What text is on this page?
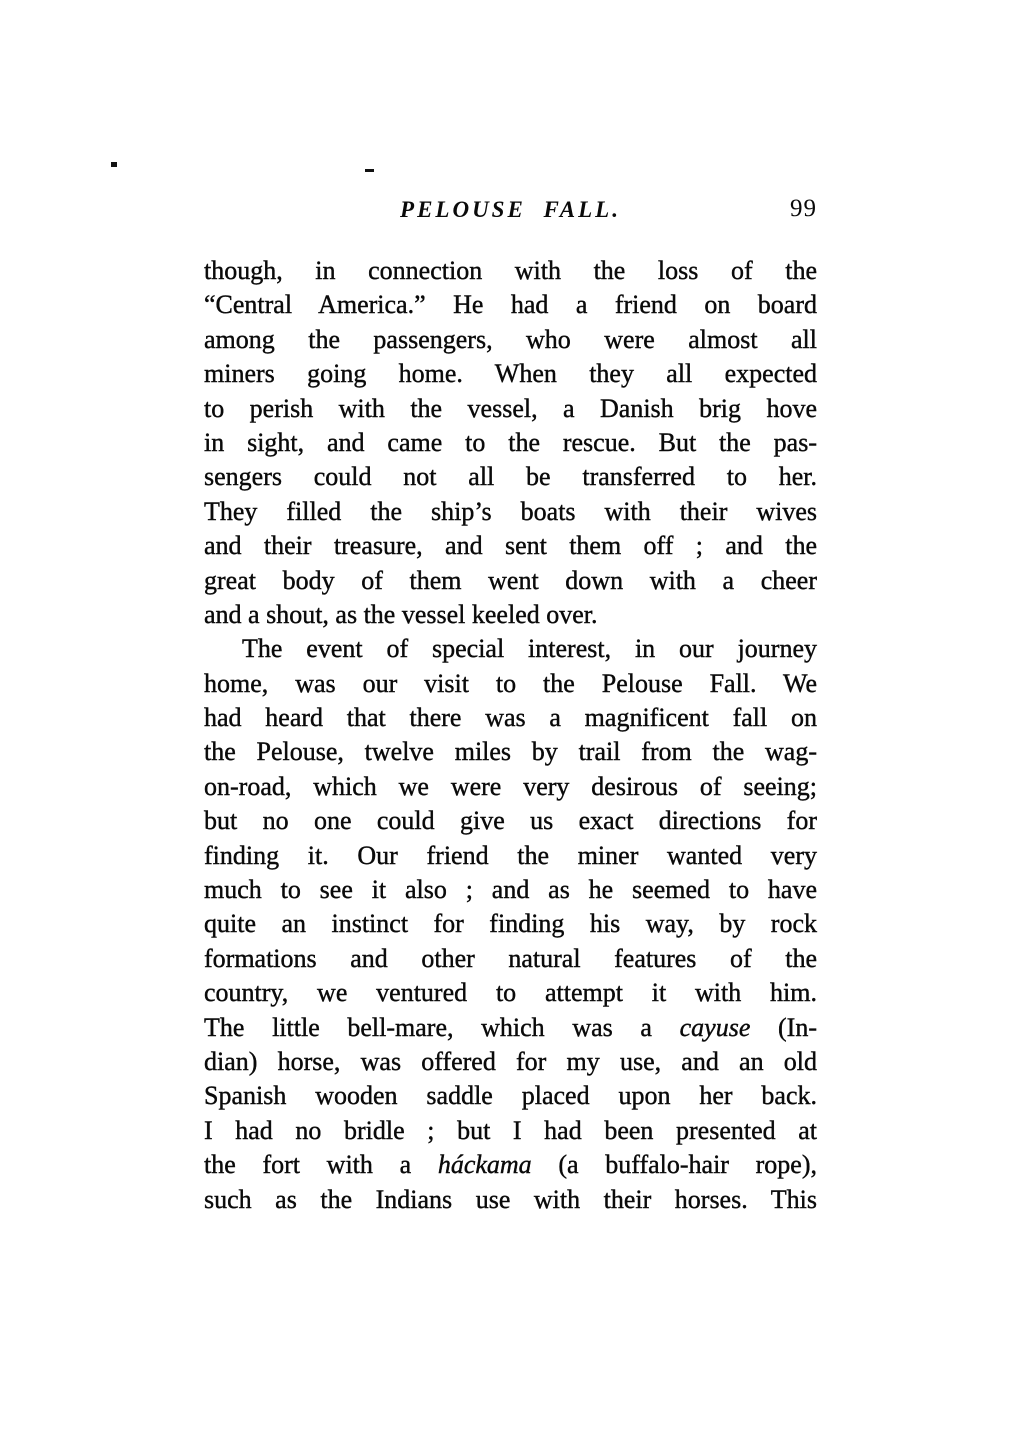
PELOUSE FALL.	99
though, in connection with the loss of the
“Central America.” He had a friend on board
among the passengers, who were almost all
miners going home. When they all expected
to perish with the vessel, a Danish brig hove
in sight, and came to the rescue. But the pas-
sengers could not all be transferred to her.
They filled the ship’s boats with their wives
and their treasure, and sent them off ; and the
great body of them went down with a cheer
and a shout, as the vessel keeled over.
The event of special interest, in our journey
home, was our visit to the Pelouse Fall. We
had heard that there was a magnificent fall on
the Pelouse, twelve miles by trail from the wag-
on-road, which we were very desirous of seeing;
but no one could give us exact directions for
finding it. Our friend the miner wanted very
much to see it also ; and as he seemed to have
quite an instinct for finding his way, by rock
formations and other natural features of the
country, we ventured to attempt it with him.
The little bell-mare, which was a cayuse (In-
dian) horse, was offered for my use, and an old
Spanish wooden saddle placed upon her back.
I had no bridle ; but I had been presented at
the fort with a háckama (a buffalo-hair rope),
such as the Indians use with their horses. This
